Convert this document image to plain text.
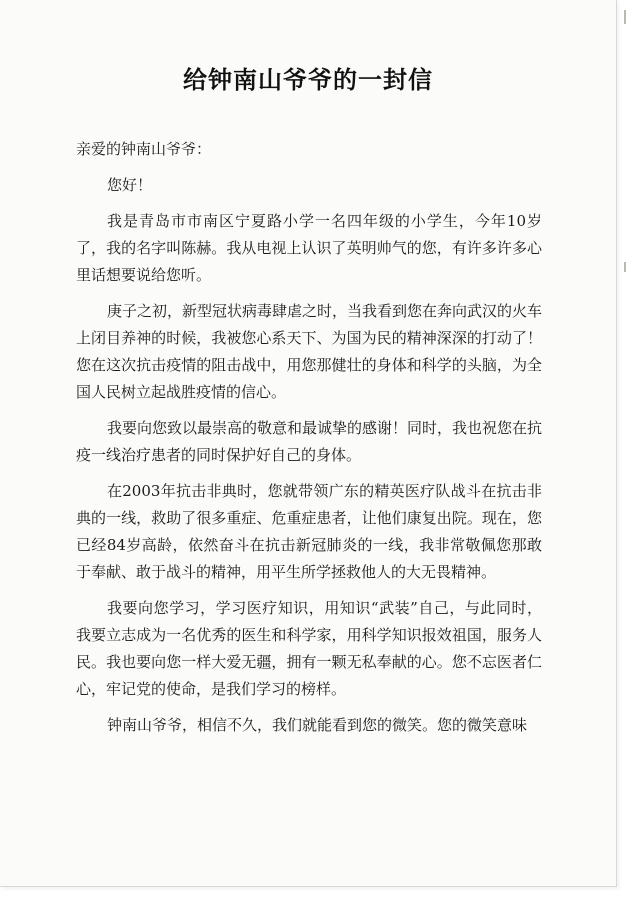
给钟南山爷爷的一封信

亲爱的钟南山爷爷：

您好！

我是青岛市市南区宁夏路小学一名四年级的小学生，今年10岁了，我的名字叫陈赫。我从电视上认识了英明帅气的您，有许多许多心里话想要说给您听。

庚子之初，新型冠状病毒肆虐之时，当我看到您在奔向武汉的火车上闭目养神的时候，我被您心系天下、为国为民的精神深深的打动了！您在这次抗击疫情的阻击战中，用您那健壮的身体和科学的头脑，为全国人民树立起战胜疫情的信心。

我要向您致以最崇高的敬意和最诚挚的感谢！同时，我也祝您在抗疫一线治疗患者的同时保护好自己的身体。

在2003年抗击非典时，您就带领广东的精英医疗队战斗在抗击非典的一线，救助了很多重症、危重症患者，让他们康复出院。现在，您已经84岁高龄，依然奋斗在抗击新冠肺炎的一线，我非常敬佩您那敢于奉献、敢于战斗的精神，用平生所学拯救他人的大无畏精神。

我要向您学习，学习医疗知识，用知识“武装”自己，与此同时，我要立志成为一名优秀的医生和科学家，用科学知识报效祖国，服务人民。我也要向您一样大爱无疆，拥有一颗无私奉献的心。您不忘医者仁心，牢记党的使命，是我们学习的榜样。

钟南山爷爷，相信不久，我们就能看到您的微笑。您的微笑意味
